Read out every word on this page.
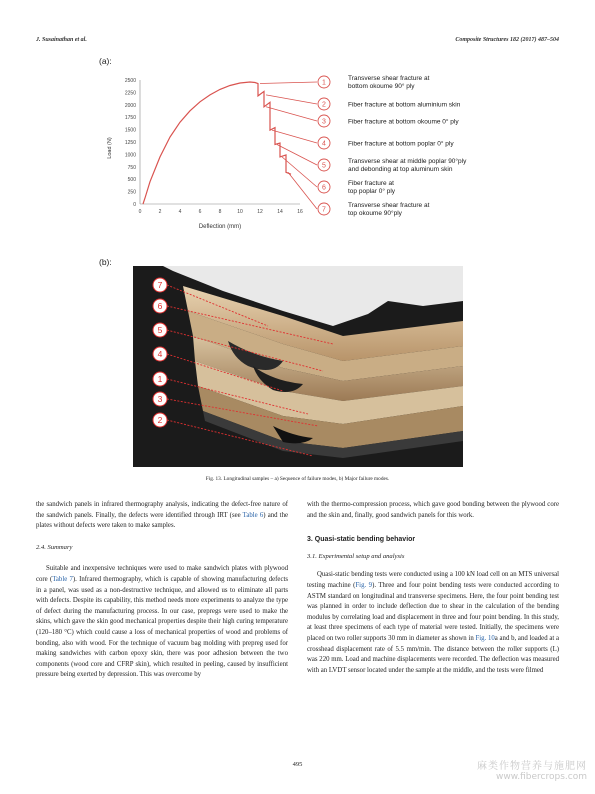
J. Susainathan et al.	Composite Structures 182 (2017) 487–504
(a):
0	2	4	6	8	10	12	14	16
0
250
500
750
1000
1250
1500
1750
2000
2250
2500
Deflection (mm)
Load (N)
1
Transverse shear fracture at
bottom okoume 90° ply
2	Fiber fracture at bottom aluminium skin
3	Fiber fracture at bottom okoume 0° ply
4	Fiber fracture at bottom poplar 0° ply
5
Transverse shear at middle poplar 90°ply
and debonding at top aluminum skin
6
Fiber fracture at
top poplar 0° ply
7
Transverse shear fracture at
top okoume 90°ply
(b):
7
6
5
4
1
3
2
Fig. 13. Longitudinal samples – a) Sequence of failure modes, b) Major failure modes.

the sandwich panels in infrared thermography analysis, indicating the defect-free nature of the sandwich panels. Finally, the defects were identified through IRT (see Table 6) and the plates without defects were taken to make samples.

2.4. Summary

Suitable and inexpensive techniques were used to make sandwich plates with plywood core (Table 7). Infrared thermography, which is capable of showing manufacturing defects in a panel, was used as a non-destructive technique, and allowed us to eliminate all parts with defects. Despite its capability, this method needs more experiments to analyze the type of defect during the manufacturing process. In our case, prepregs were used to make the skins, which gave the skin good mechanical properties despite their high curing temperature (120–180 °C) which could cause a loss of mechanical properties of wood and problems of bonding, also with wood. For the technique of vacuum bag molding with prepreg used for making sandwiches with carbon epoxy skin, there was poor adhesion between the two components (wood core and CFRP skin), which resulted in peeling, caused by insufficient pressure being exerted by depression. This was overcome by

with the thermo-compression process, which gave good bonding between the plywood core and the skin and, finally, good sandwich panels for this work.

3. Quasi-static bending behavior

3.1. Experimental setup and analysis

Quasi-static bending tests were conducted using a 100 kN load cell on an MTS universal testing machine (Fig. 9). Three and four point bending tests were conducted according to ASTM standard on longitudinal and transverse specimens. Here, the four point bending test was planned in order to include deflection due to shear in the calculation of the bending modulus by correlating load and displacement in three and four point bending. In this study, at least three specimens of each type of material were tested. Initially, the specimens were placed on two roller supports 30 mm in diameter as shown in Fig. 10a and b, and loaded at a crosshead displacement rate of 5.5 mm/min. The distance between the roller supports (L) was 220 mm. Load and machine displacements were recorded. The deflection was measured with an LVDT sensor located under the sample at the middle, and the tests were filmed

495	麻类作物营养与施肥网
www.fibercrops.com
